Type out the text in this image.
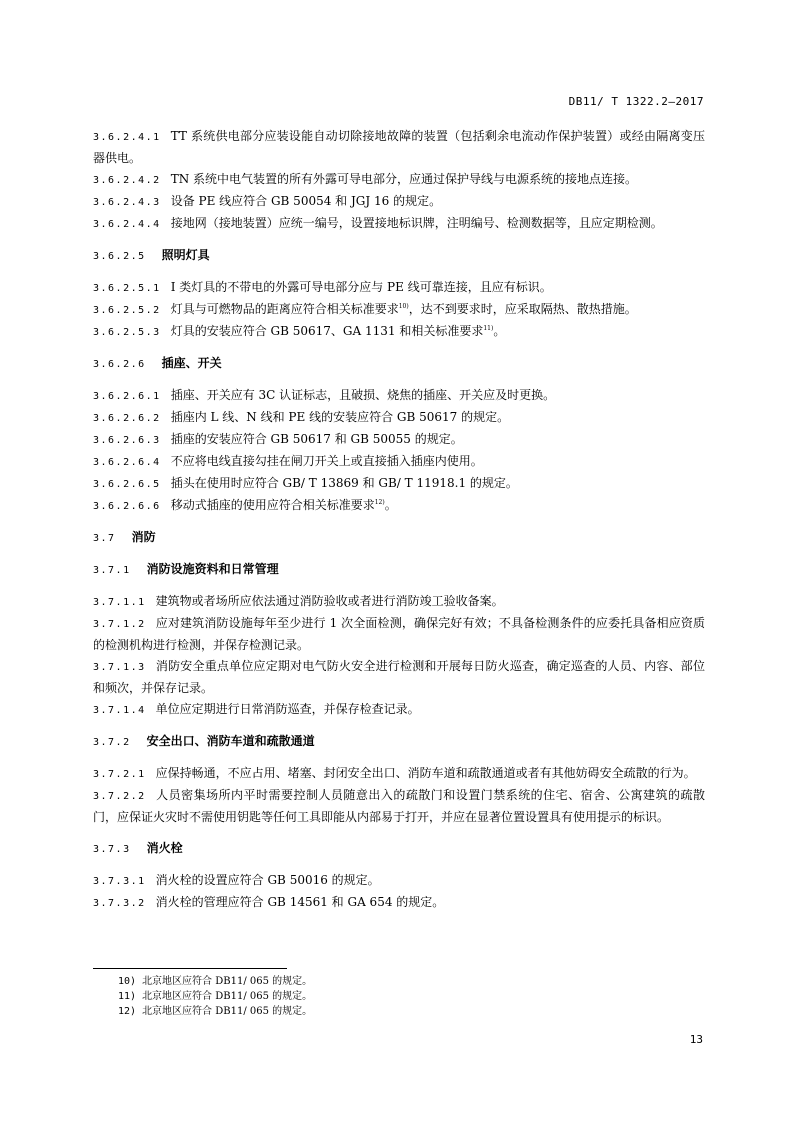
DB11/ T 1322.2—2017
3.6.2.4.1 TT 系统供电部分应装设能自动切除接地故障的装置（包括剩余电流动作保护装置）或经由隔离变压器供电。
3.6.2.4.2 TN 系统中电气装置的所有外露可导电部分，应通过保护导线与电源系统的接地点连接。
3.6.2.4.3 设备 PE 线应符合 GB 50054 和 JGJ 16 的规定。
3.6.2.4.4 接地网（接地装置）应统一编号，设置接地标识牌，注明编号、检测数据等，且应定期检测。
3.6.2.5 照明灯具
3.6.2.5.1 Ⅰ 类灯具的不带电的外露可导电部分应与 PE 线可靠连接，且应有标识。
3.6.2.5.2 灯具与可燃物品的距离应符合相关标准要求$^{10)}$，达不到要求时，应采取隔热、散热措施。
3.6.2.5.3 灯具的安装应符合 GB 50617、GA 1131 和相关标准要求$^{11)}$。
3.6.2.6 插座、开关
3.6.2.6.1 插座、开关应有 3C 认证标志，且破损、烧焦的插座、开关应及时更换。
3.6.2.6.2 插座内 L 线、N 线和 PE 线的安装应符合 GB 50617 的规定。
3.6.2.6.3 插座的安装应符合 GB 50617 和 GB 50055 的规定。
3.6.2.6.4 不应将电线直接勾挂在闸刀开关上或直接插入插座内使用。
3.6.2.6.5 插头在使用时应符合 GB/ T 13869 和 GB/ T 11918.1 的规定。
3.6.2.6.6 移动式插座的使用应符合相关标准要求$^{12)}$。
3.7 消防
3.7.1 消防设施资料和日常管理
3.7.1.1 建筑物或者场所应依法通过消防验收或者进行消防竣工验收备案。
3.7.1.2 应对建筑消防设施每年至少进行 1 次全面检测，确保完好有效；不具备检测条件的应委托具备相应资质的检测机构进行检测，并保存检测记录。
3.7.1.3 消防安全重点单位应定期对电气防火安全进行检测和开展每日防火巡查，确定巡查的人员、内容、部位和频次，并保存记录。
3.7.1.4 单位应定期进行日常消防巡查，并保存检查记录。
3.7.2 安全出口、消防车道和疏散通道
3.7.2.1 应保持畅通，不应占用、堵塞、封闭安全出口、消防车道和疏散通道或者有其他妨碍安全疏散的行为。
3.7.2.2 人员密集场所内平时需要控制人员随意出入的疏散门和设置门禁系统的住宅、宿舍、公寓建筑的疏散门，应保证火灾时不需使用钥匙等任何工具即能从内部易于打开，并应在显著位置设置具有使用提示的标识。
3.7.3 消火栓
3.7.3.1 消火栓的设置应符合 GB 50016 的规定。
3.7.3.2 消火栓的管理应符合 GB 14561 和 GA 654 的规定。
10) 北京地区应符合 DB11/ 065 的规定。
11) 北京地区应符合 DB11/ 065 的规定。
12) 北京地区应符合 DB11/ 065 的规定。
13
